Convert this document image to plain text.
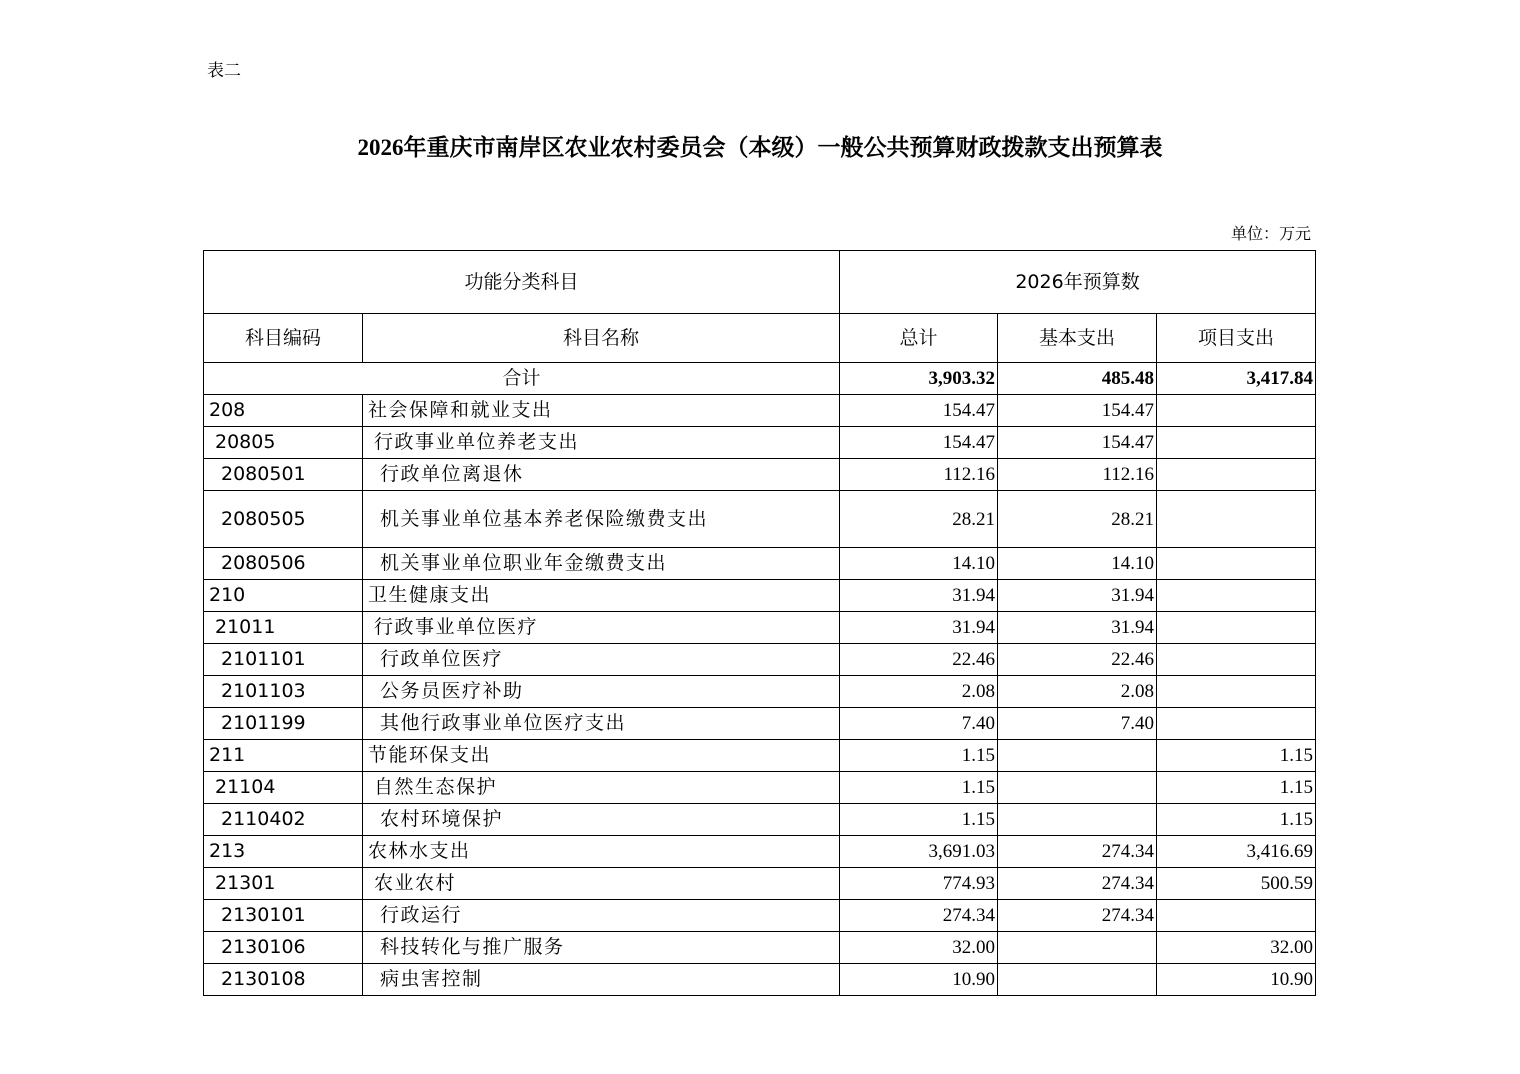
表二
2026年重庆市南岸区农业农村委员会（本级）一般公共预算财政拨款支出预算表
单位：万元
功能分类科目		2026年预算数		
科目编码	科目名称	总计	基本支出	项目支出
合计		3,903.32	485.48	3,417.84
208	社会保障和就业支出	154.47	154.47	
20805	行政事业单位养老支出	154.47	154.47	
2080501	行政单位离退休	112.16	112.16	
2080505	机关事业单位基本养老保险缴费支出	28.21	28.21	
2080506	机关事业单位职业年金缴费支出	14.10	14.10	
210	卫生健康支出	31.94	31.94	
21011	行政事业单位医疗	31.94	31.94	
2101101	行政单位医疗	22.46	22.46	
2101103	公务员医疗补助	2.08	2.08	
2101199	其他行政事业单位医疗支出	7.40	7.40	
211	节能环保支出	1.15		1.15
21104	自然生态保护	1.15		1.15
2110402	农村环境保护	1.15		1.15
213	农林水支出	3,691.03	274.34	3,416.69
21301	农业农村	774.93	274.34	500.59
2130101	行政运行	274.34	274.34	
2130106	科技转化与推广服务	32.00		32.00
2130108	病虫害控制	10.90		10.90
